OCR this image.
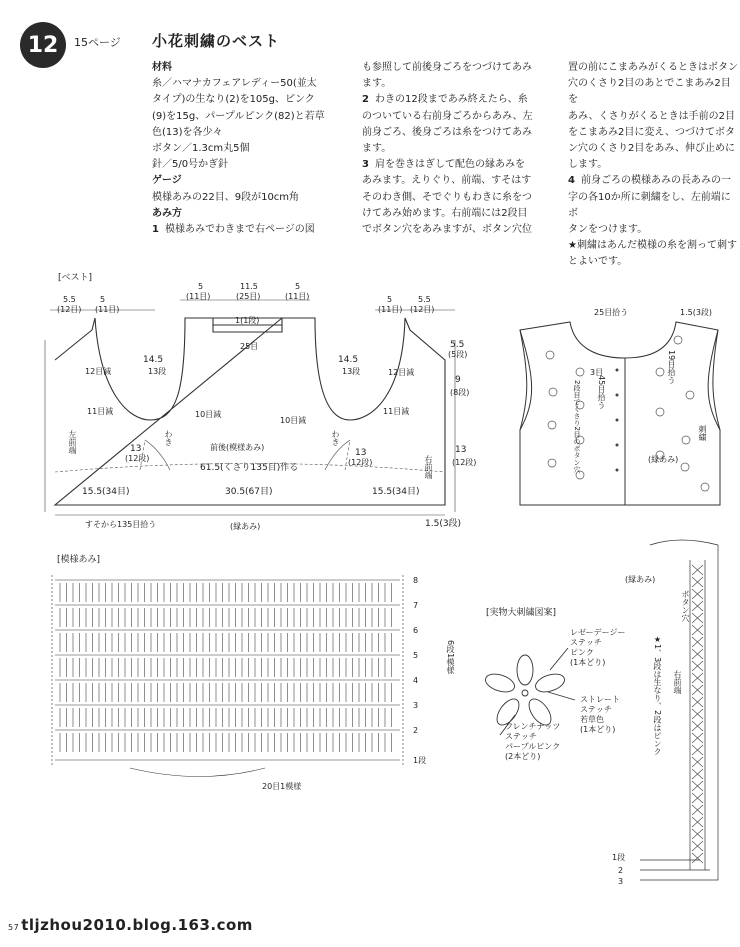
12	15ページ 小花刺繍のベスト

材料

糸／ハマナカフェアレディー50(並太

タイプ)の生なり(2)を105g、ピンク

(9)を15g、パープルピンク(82)と若草

色(13)を各少々

ボタン／1.3cm丸5個

針／5/0号かぎ針

ゲージ

模様あみの22目、9段が10cm角

あみ方

1 模様あみでわきまで右ページの図

も参照して前後身ごろをつづけてあみ

ます。

2 わきの12段まであみ終えたら、糸

のついている右前身ごろからあみ、左

前身ごろ、後身ごろは糸をつけてあみ

ます。

3 肩を巻きはぎして配色の縁あみを

あみます。えりぐり、前端、すそはす

そのわき側、そでぐりもわきに糸をつ

けてあみ始めます。右前端には2段目

でボタン穴をあみますが、ボタン穴位

置の前にこまあみがくるときはボタン

穴のくさり2目のあとでこまあみ2目を

あみ、くさりがくるときは手前の2目

をこまあみ2目に変え、つづけてボタ

ン穴のくさり2目をあみ、伸び止めに

します。

4 前身ごろの模様あみの長あみの一

字の各10か所に刺繍をし、左前端にボ

タンをつけます。

★刺繍はあんだ模様の糸を割って刺す

とよいです。

[ベスト]
5.5
(12目)
5
(11目)
5
(11目)
11.5
(25目)
5
(11目)	5
(11目)
5.5
(12目)
1(1段)
25目
14.5
13段
14.5
13段
5.5
(5段)
9
(8段)
12目減
11目減	10目減
12目減
11目減
10目減
わき	わき
左前端
右前端
前後(模様あみ)
13
(12段)
13
(12段)
13
(12段)
61.5(くさり135目)作る
15.5(34目)	30.5(67目)	15.5(34目)
すそから135目拾う	(縁あみ)	1.5(3段)
25目拾う	1.5(3段)
45目拾う
2段目でくさり2目のボタン穴	刺繍
(縁あみ)
19目拾う
3目
[模様あみ]
8
7
6
5
4
3
2
1段
6段1模様
20目1模様
[実物大刺繍図案]
レゼーデージー
ステッチ
ピンク
(1本どり)
ストレート
ステッチ
若草色
(1本どり)
フレンチナッツ
ステッチ
パープルピンク
(2本どり)
(縁あみ)
ボタン穴
右前端
★1、3段は生なり、2段はピンク
1段
2
3
57 tljzhou2010.blog.163.com
